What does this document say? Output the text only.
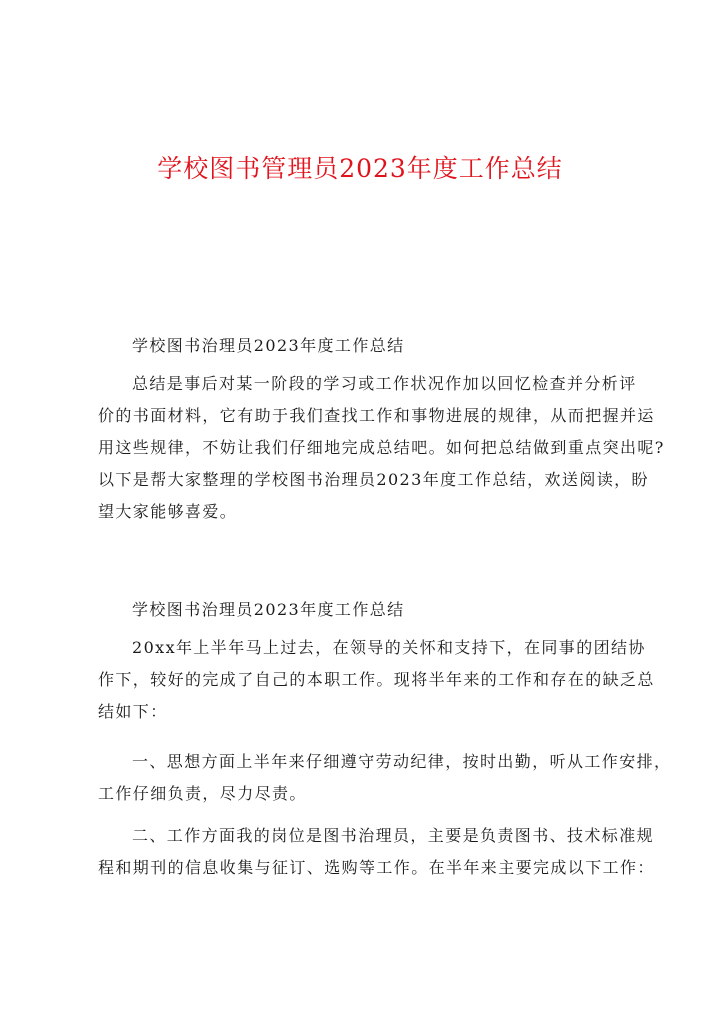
学校图书管理员2023年度工作总结
学校图书治理员2023年度工作总结
总结是事后对某一阶段的学习或工作状况作加以回忆检查并分析评
价的书面材料，它有助于我们查找工作和事物进展的规律，从而把握并运
用这些规律，不妨让我们仔细地完成总结吧。如何把总结做到重点突出呢?
以下是帮大家整理的学校图书治理员2023年度工作总结，欢送阅读，盼
望大家能够喜爱。
学校图书治理员2023年度工作总结
20xx年上半年马上过去，在领导的关怀和支持下，在同事的团结协
作下，较好的完成了自己的本职工作。现将半年来的工作和存在的缺乏总
结如下：
一、思想方面上半年来仔细遵守劳动纪律，按时出勤，听从工作安排，
工作仔细负责，尽力尽责。
二、工作方面我的岗位是图书治理员，主要是负责图书、技术标准规
程和期刊的信息收集与征订、选购等工作。在半年来主要完成以下工作：
